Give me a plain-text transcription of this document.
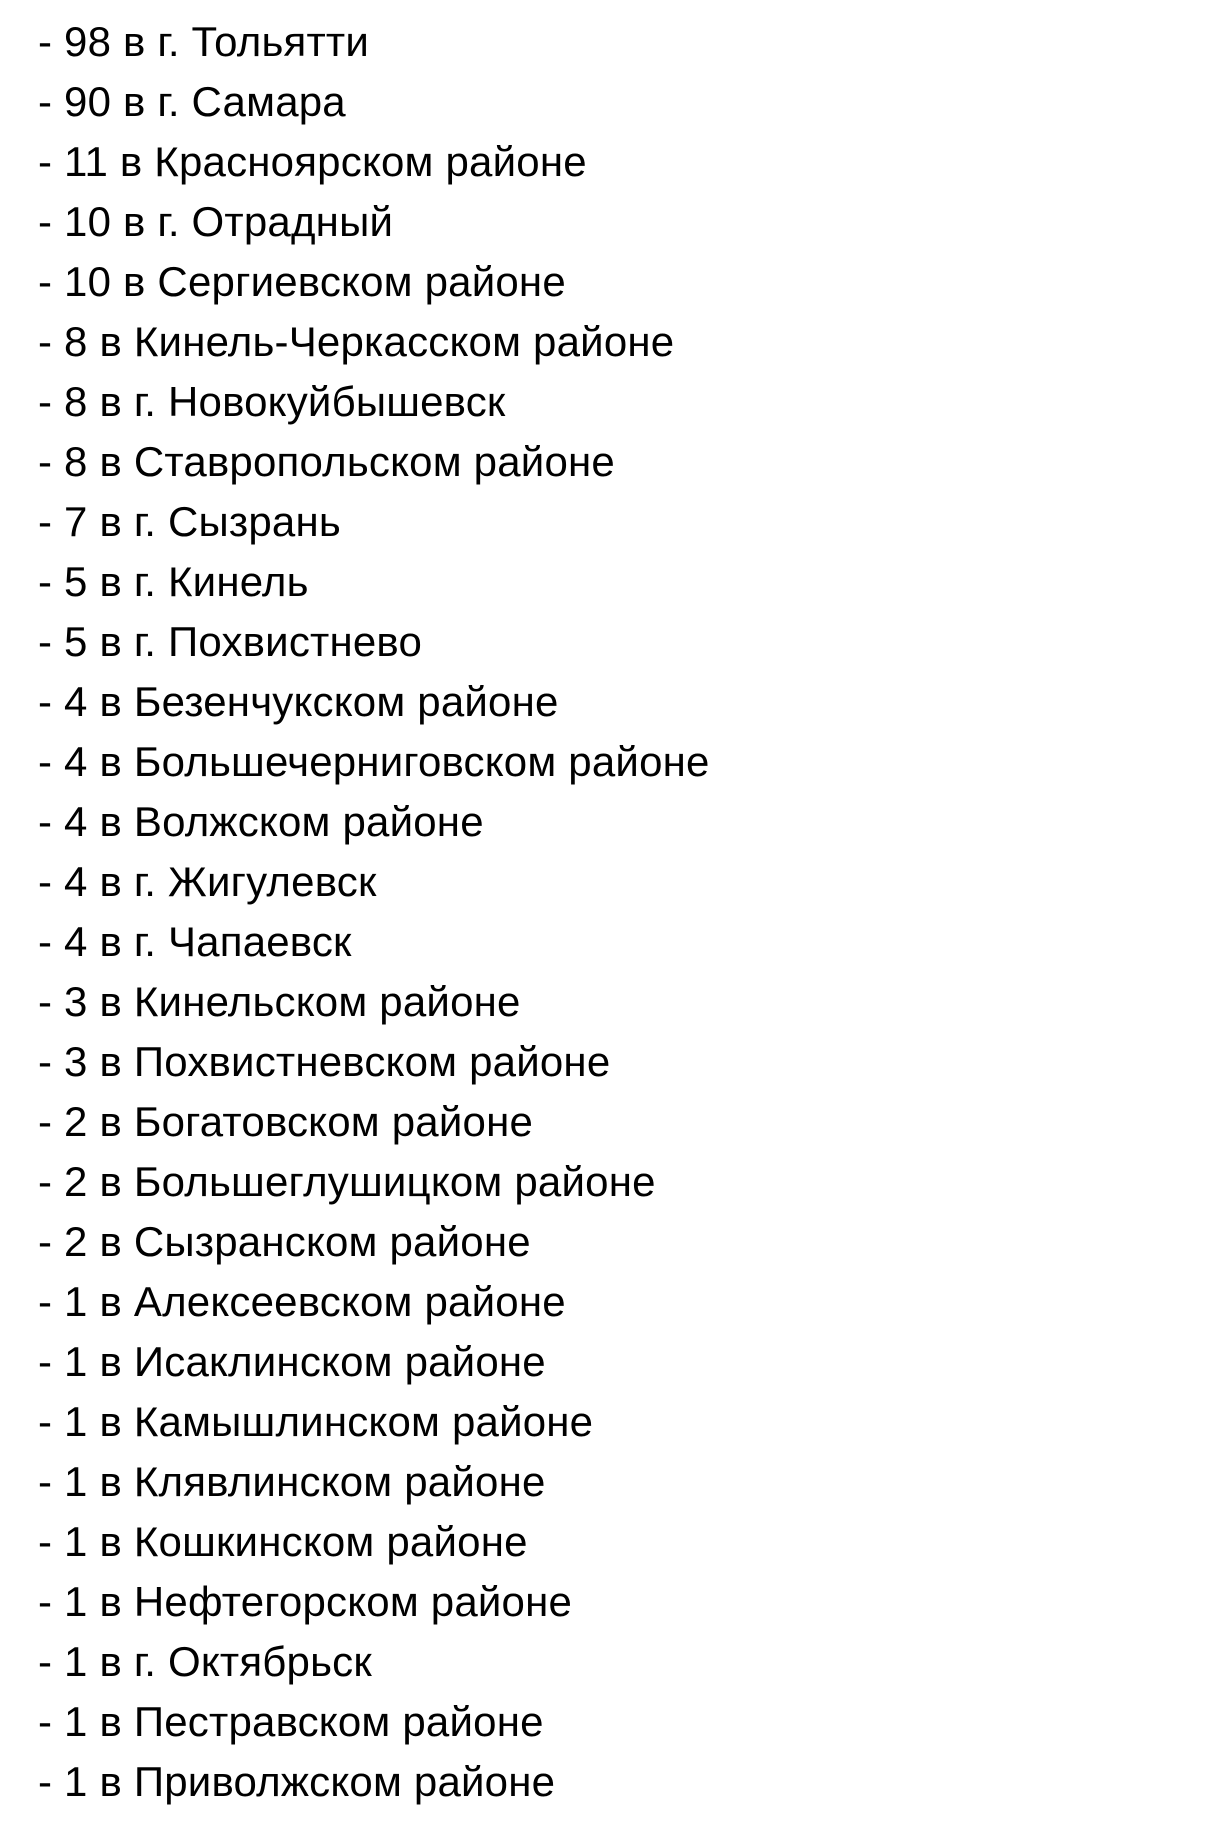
- 98 в г. Тольятти
- 90 в г. Самара
- 11 в Красноярском районе
- 10 в г. Отрадный
- 10 в Сергиевском районе
- 8 в Кинель-Черкасском районе
- 8 в г. Новокуйбышевск
- 8 в Ставропольском районе
- 7 в г. Сызрань
- 5 в г. Кинель
- 5 в г. Похвистнево
- 4 в Безенчукском районе
- 4 в Большечерниговском районе
- 4 в Волжском районе
- 4 в г. Жигулевск
- 4 в г. Чапаевск
- 3 в Кинельском районе
- 3 в Похвистневском районе
- 2 в Богатовском районе
- 2 в Большеглушицком районе
- 2 в Сызранском районе
- 1 в Алексеевском районе
- 1 в Исаклинском районе
- 1 в Камышлинском районе
- 1 в Клявлинском районе
- 1 в Кошкинском районе
- 1 в Нефтегорском районе
- 1 в г. Октябрьск
- 1 в Пестравском районе
- 1 в Приволжском районе
